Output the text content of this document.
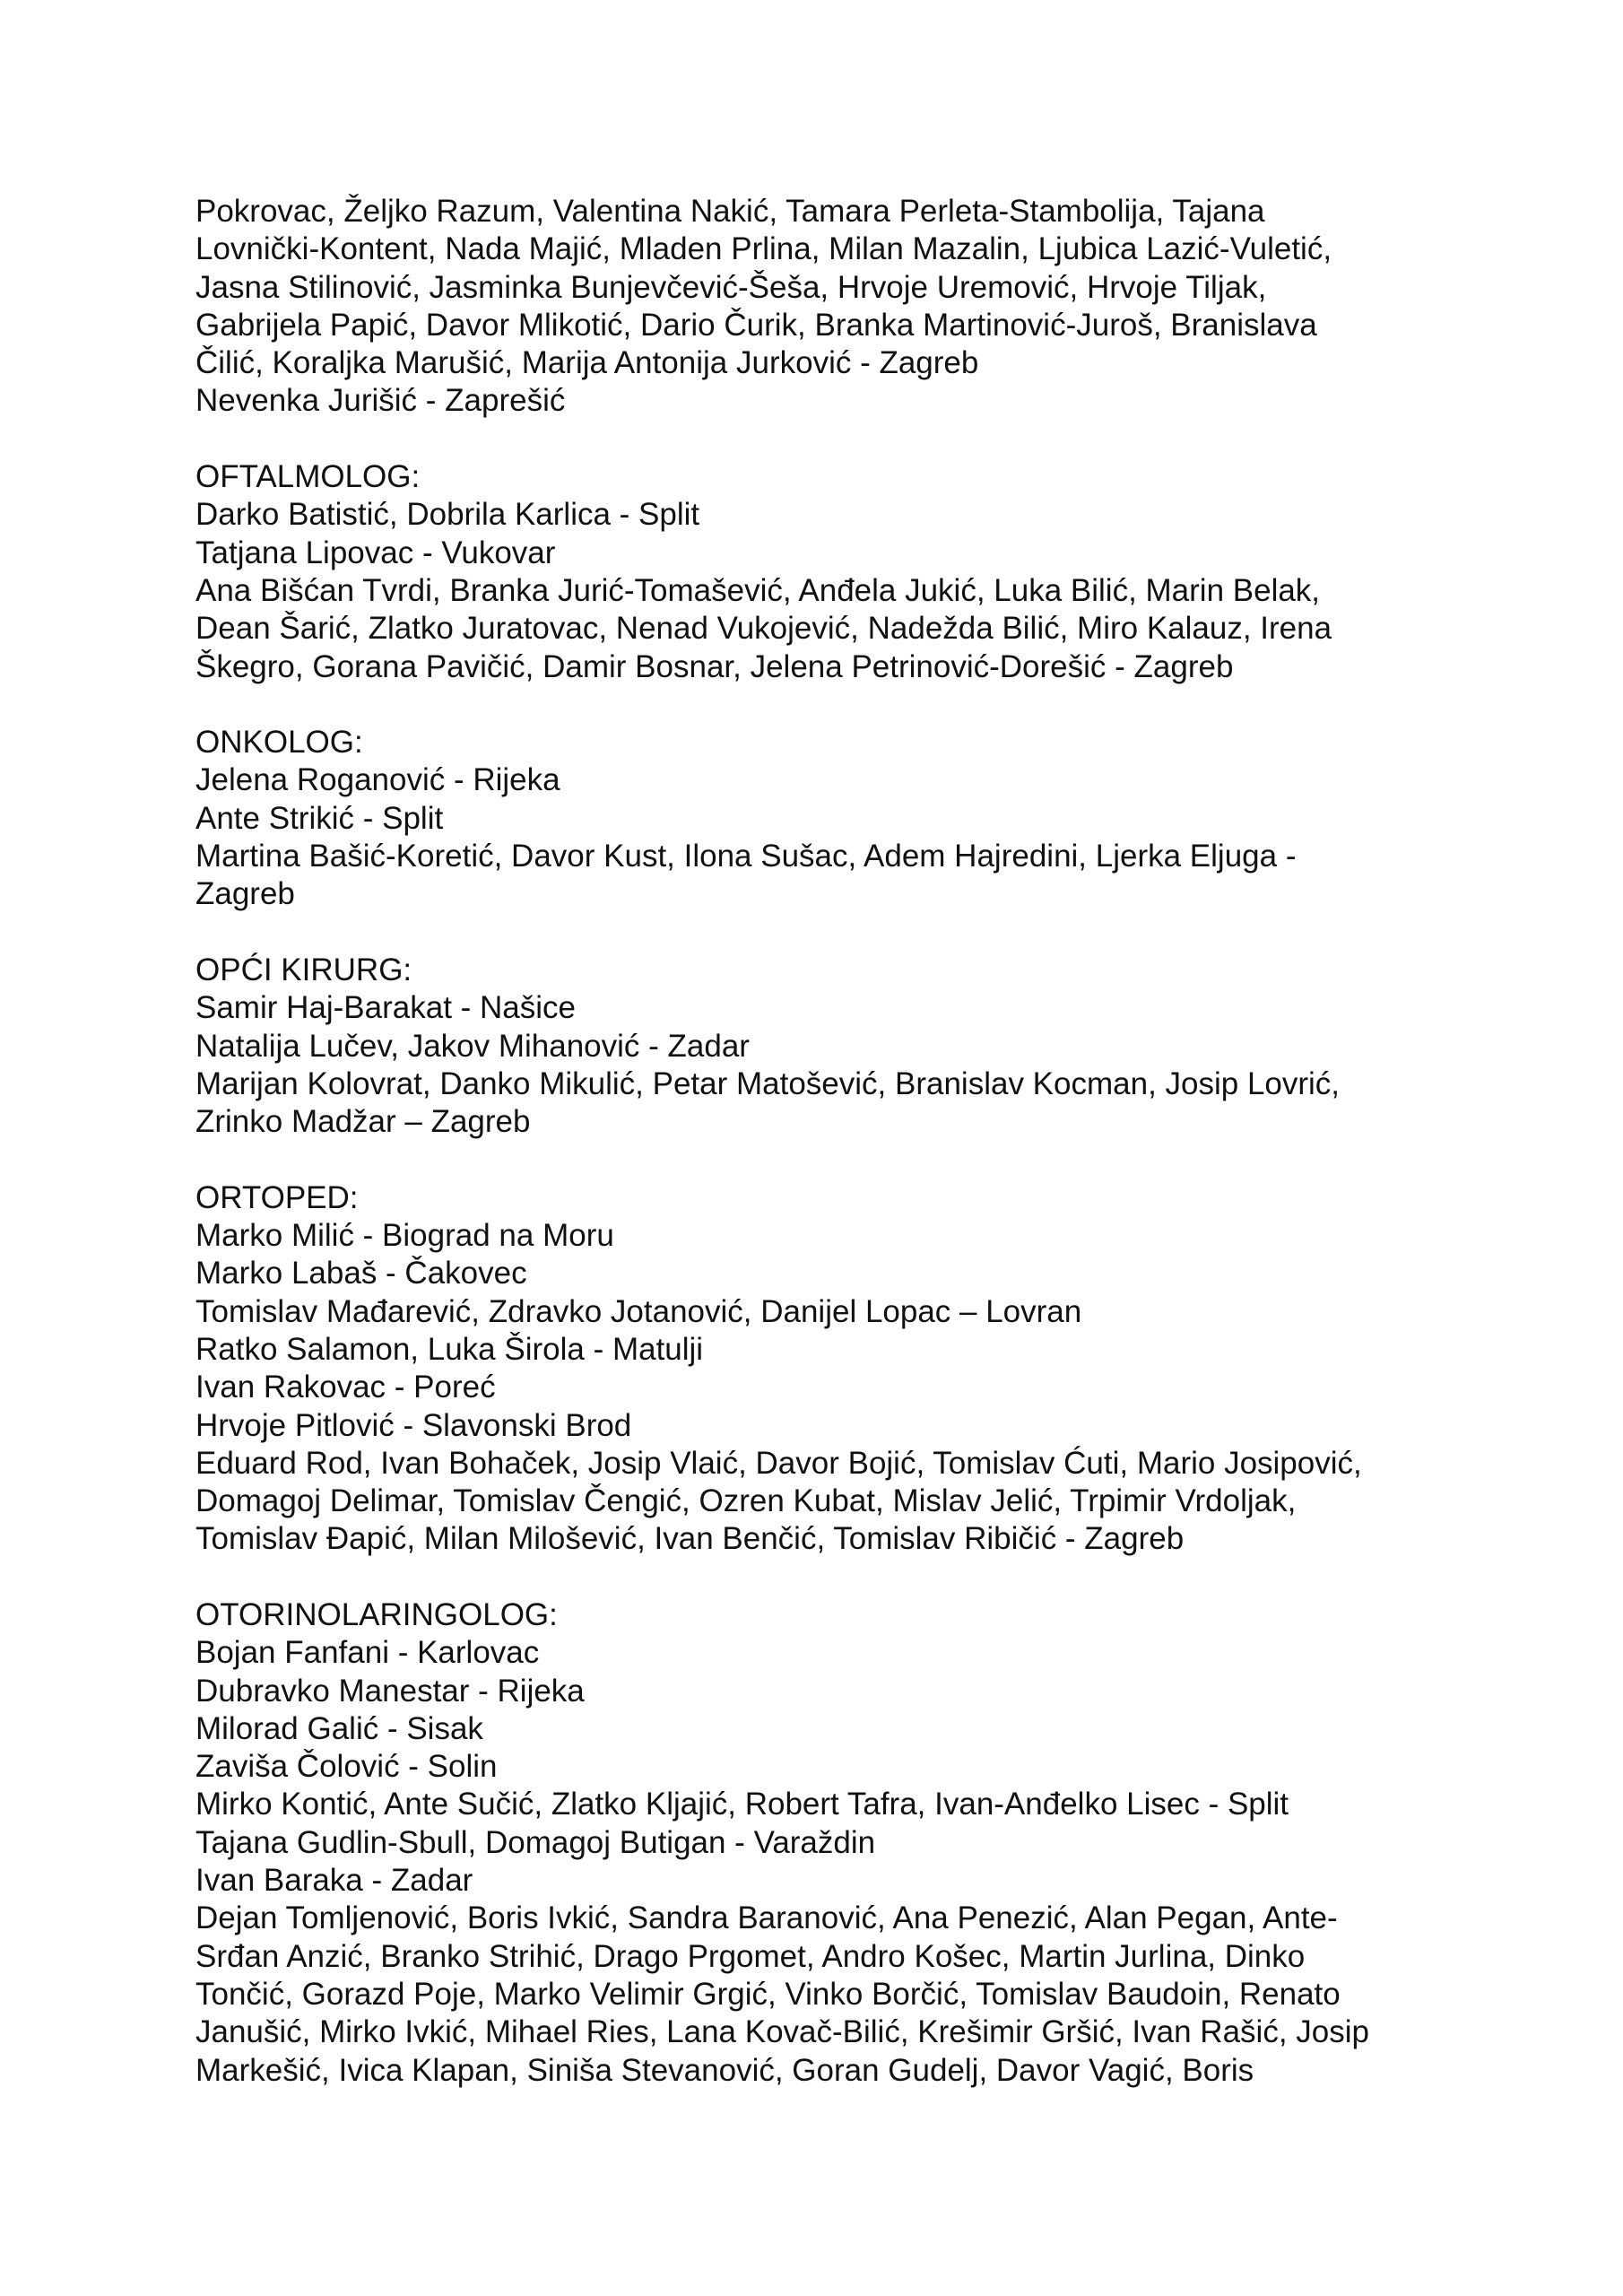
Pokrovac, Željko Razum, Valentina Nakić, Tamara Perleta-Stambolija, Tajana
Lovnički-Kontent, Nada Majić, Mladen Prlina, Milan Mazalin, Ljubica Lazić-Vuletić,
Jasna Stilinović, Jasminka Bunjevčević-Šeša, Hrvoje Uremović, Hrvoje Tiljak,
Gabrijela Papić, Davor Mlikotić, Dario Čurik, Branka Martinović-Juroš, Branislava
Čilić, Koraljka Marušić, Marija Antonija Jurković - Zagreb
Nevenka Jurišić - Zaprešić
OFTALMOLOG:
Darko Batistić, Dobrila Karlica - Split
Tatjana Lipovac - Vukovar
Ana Bišćan Tvrdi, Branka Jurić-Tomašević, Anđela Jukić, Luka Bilić, Marin Belak,
Dean Šarić, Zlatko Juratovac, Nenad Vukojević, Nadežda Bilić, Miro Kalauz, Irena
Škegro, Gorana Pavičić, Damir Bosnar, Jelena Petrinović-Dorešić - Zagreb
ONKOLOG:
Jelena Roganović - Rijeka
Ante Strikić - Split
Martina Bašić-Koretić, Davor Kust, Ilona Sušac, Adem Hajredini, Ljerka Eljuga -
Zagreb
OPĆI KIRURG:
Samir Haj-Barakat - Našice
Natalija Lučev, Jakov Mihanović - Zadar
Marijan Kolovrat, Danko Mikulić, Petar Matošević, Branislav Kocman, Josip Lovrić,
Zrinko Madžar – Zagreb
ORTOPED:
Marko Milić - Biograd na Moru
Marko Labaš - Čakovec
Tomislav Mađarević, Zdravko Jotanović, Danijel Lopac – Lovran
Ratko Salamon, Luka Širola - Matulji
Ivan Rakovac - Poreć
Hrvoje Pitlović - Slavonski Brod
Eduard Rod, Ivan Bohaček, Josip Vlaić, Davor Bojić, Tomislav Ćuti, Mario Josipović,
Domagoj Delimar, Tomislav Čengić, Ozren Kubat, Mislav Jelić, Trpimir Vrdoljak,
Tomislav Đapić, Milan Milošević, Ivan Benčić, Tomislav Ribičić - Zagreb
OTORINOLARINGOLOG:
Bojan Fanfani - Karlovac
Dubravko Manestar - Rijeka
Milorad Galić - Sisak
Zaviša Čolović - Solin
Mirko Kontić, Ante Sučić, Zlatko Kljajić, Robert Tafra, Ivan-Anđelko Lisec - Split
Tajana Gudlin-Sbull, Domagoj Butigan - Varaždin
Ivan Baraka - Zadar
Dejan Tomljenović, Boris Ivkić, Sandra Baranović, Ana Penezić, Alan Pegan, Ante-
Srđan Anzić, Branko Strihić, Drago Prgomet, Andro Košec, Martin Jurlina, Dinko
Tončić, Gorazd Poje, Marko Velimir Grgić, Vinko Borčić, Tomislav Baudoin, Renato
Janušić, Mirko Ivkić, Mihael Ries, Lana Kovač-Bilić, Krešimir Gršić, Ivan Rašić, Josip
Markešić, Ivica Klapan, Siniša Stevanović, Goran Gudelj, Davor Vagić, Boris
